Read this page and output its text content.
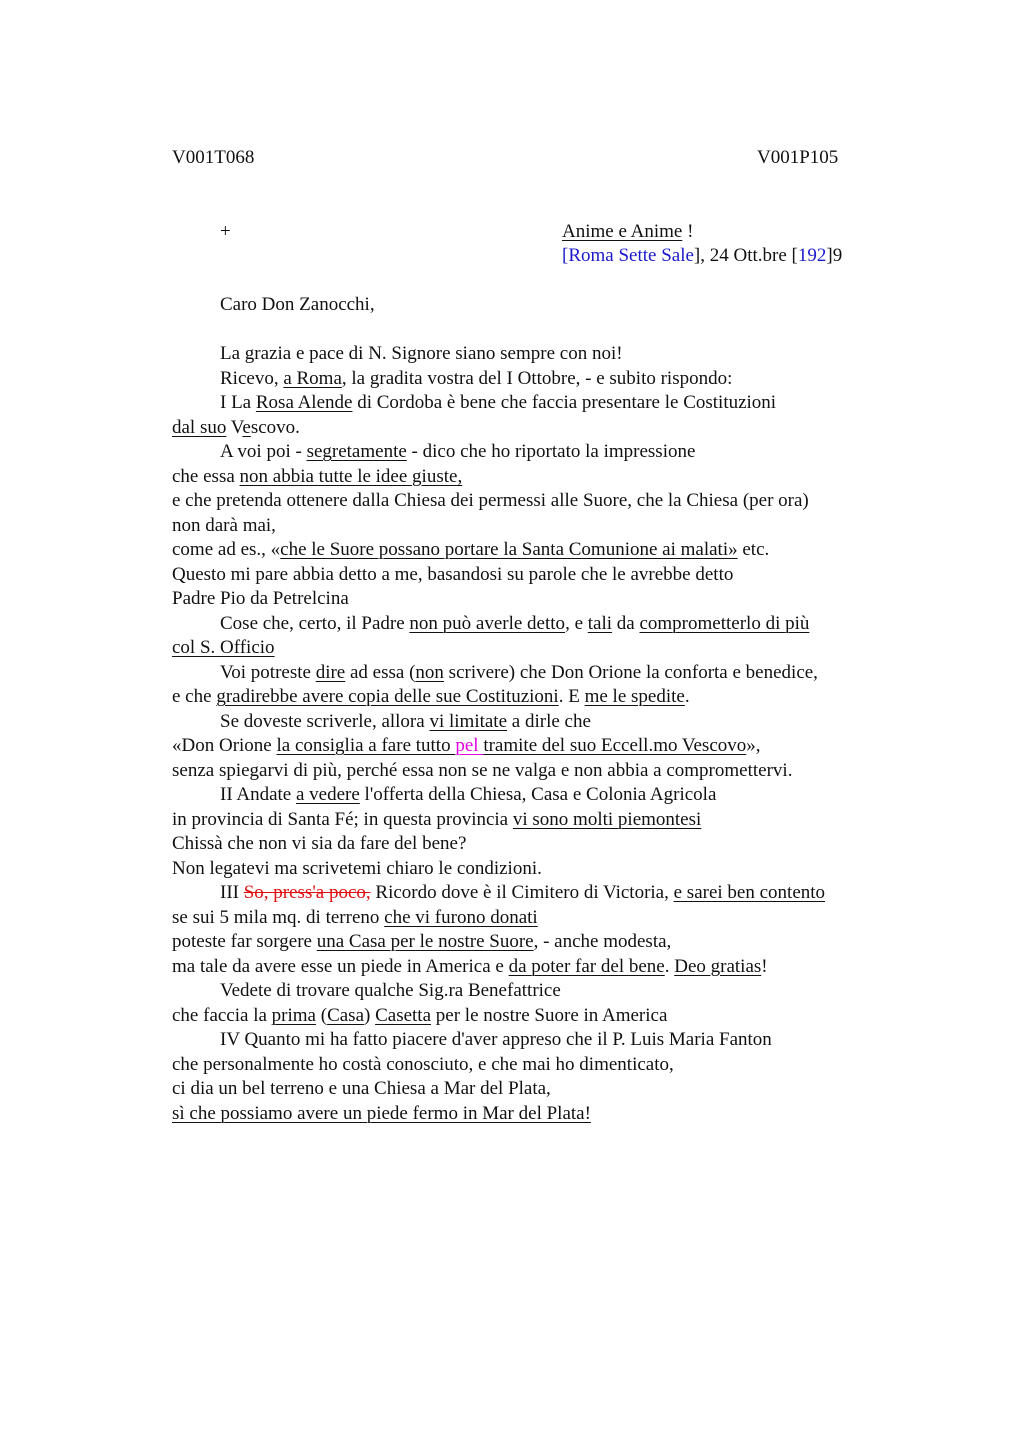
V001T068	V001P105
+	Anime e Anime !
[Roma Sette Sale], 24 Ott.bre [192]9
Caro Don Zanocchi,
La grazia e pace di N. Signore siano sempre con noi!
Ricevo, a Roma, la gradita vostra del I Ottobre, - e subito rispondo:
I La Rosa Alende di Cordoba è bene che faccia presentare le Costituzioni
dal suo Vescovo.
A voi poi - segretamente - dico che ho riportato la impressione
che essa non abbia tutte le idee giuste,
e che pretenda ottenere dalla Chiesa dei permessi alle Suore, che la Chiesa (per ora)
non darà mai,
come ad es., «che le Suore possano portare la Santa Comunione ai malati» etc.
Questo mi pare abbia detto a me, basandosi su parole che le avrebbe detto
Padre Pio da Petrelcina
Cose che, certo, il Padre non può averle detto, e tali da comprometterlo di più
col S. Officio
Voi potreste dire ad essa (non scrivere) che Don Orione la conforta e benedice,
e che gradirebbe avere copia delle sue Costituzioni. E me le spedite.
Se doveste scriverle, allora vi limitate a dirle che
«Don Orione la consiglia a fare tutto pel tramite del suo Eccell.mo Vescovo»,
senza spiegarvi di più, perché essa non se ne valga e non abbia a compromettervi.
II Andate a vedere l'offerta della Chiesa, Casa e Colonia Agricola
in provincia di Santa Fé; in questa provincia vi sono molti piemontesi
Chissà che non vi sia da fare del bene?
Non legatevi ma scrivetemi chiaro le condizioni.
III So, press'a poco, Ricordo dove è il Cimitero di Victoria, e sarei ben contento
se sui 5 mila mq. di terreno che vi furono donati
poteste far sorgere una Casa per le nostre Suore, - anche modesta,
ma tale da avere esse un piede in America e da poter far del bene. Deo gratias!
Vedete di trovare qualche Sig.ra Benefattrice
che faccia la prima (Casa) Casetta per le nostre Suore in America
IV Quanto mi ha fatto piacere d'aver appreso che il P. Luis Maria Fanton
che personalmente ho costà conosciuto, e che mai ho dimenticato,
ci dia un bel terreno e una Chiesa a Mar del Plata,
sì che possiamo avere un piede fermo in Mar del Plata!
